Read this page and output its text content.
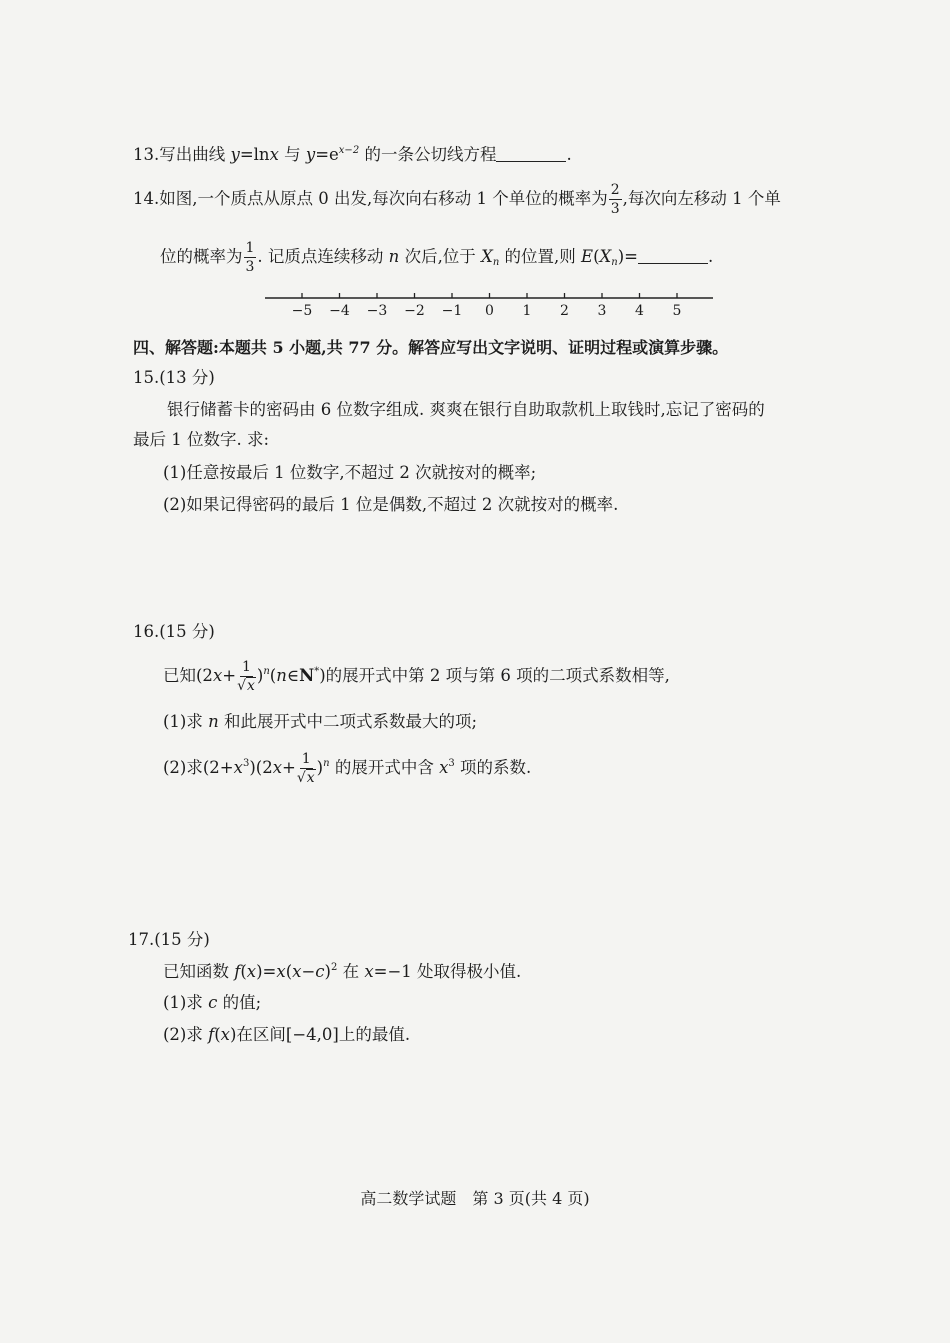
13.写出曲线 y=lnx 与 $y=e^{x-2}$ 的一条公切线方程	.
14.如图,一个质点从原点 0 出发,每次向右移动 1 个单位的概率为 $\frac{2}{3}$ ,每次向左移动 1 个单
位的概率为 $\frac{1}{3}$ . 记质点连续移动 n 次后,位于 $X_n$ 的位置,则 $E(X_n)=$	.
−5 −4 −3 −2 −1 0 1 2 3 4 5
四、解答题:本题共 5 小题,共 77 分。解答应写出文字说明、证明过程或演算步骤。
15.(13 分)
银行储蓄卡的密码由 6 位数字组成. 爽爽在银行自助取款机上取钱时,忘记了密码的
最后 1 位数字. 求:
(1)任意按最后 1 位数字,不超过 2 次就按对的概率;
(2)如果记得密码的最后 1 位是偶数,不超过 2 次就按对的概率.
16.(15 分)
已知($2x+ \frac{1}{√x}$ )$^n(n\in N^*)$的展开式中第 2 项与第 6 项的二项式系数相等,
(1)求 n 和此展开式中二项式系数最大的项;
(2)求$(2+x^3)(2x+ \frac{1}{√x} )^n$ 的展开式中含 $x^3$ 项的系数.
17.(15 分)
已知函数 $f(x)=x(x-c)^2$ 在 x=−1 处取得极小值.
(1)求 c 的值;
(2)求 f(x)在区间[−4,0]上的最值.
高二数学试题　第 3 页(共 4 页)
